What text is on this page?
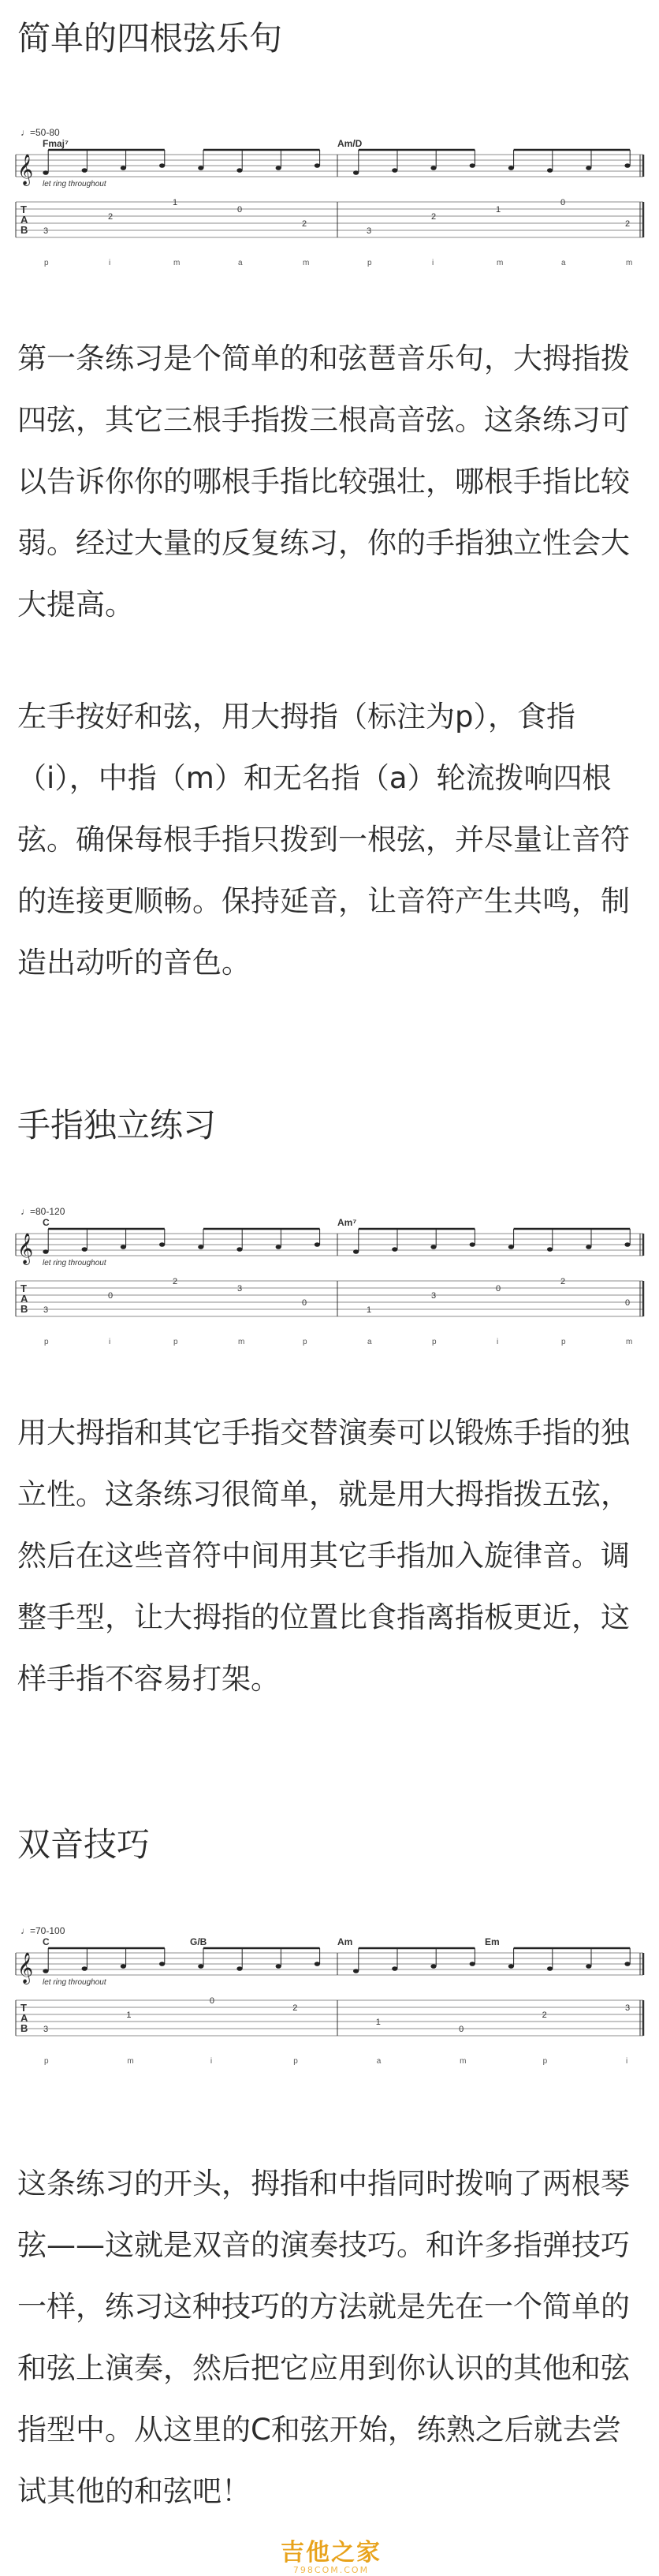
简单的四根弦乐句
♩=50-80
𝄞
T
A
B
Fmaj⁷	Am/D
let ring throughout
3
2
1
0
2
3
2
1
0
2
p	i	m	a	m	p	i	m	a	m

第一条练习是个简单的和弦琶音乐句，大拇指拨四弦，其它三根手指拨三根高音弦。这条练习可以告诉你你的哪根手指比较强壮，哪根手指比较弱。经过大量的反复练习，你的手指独立性会大大提高。

左手按好和弦，用大拇指（标注为p），食指（i），中指（m）和无名指（a）轮流拨响四根弦。确保每根手指只拨到一根弦，并尽量让音符的连接更顺畅。保持延音，让音符产生共鸣，制造出动听的音色。

手指独立练习
♩=80-120
𝄞
T
A
B
C	Am⁷
let ring throughout
3
0
2
3
0
1
3
0
2
0
p	i	p	m	p	a	p	i	p	m

用大拇指和其它手指交替演奏可以锻炼手指的独立性。这条练习很简单，就是用大拇指拨五弦，然后在这些音符中间用其它手指加入旋律音。调整手型，让大拇指的位置比食指离指板更近，这样手指不容易打架。

双音技巧
♩=70-100
𝄞
T
A
B
C	G/B	Am	Em
let ring throughout
3
1
0
2
1
0
2
3
p	m	i	p	a	m	p	i

这条练习的开头，拇指和中指同时拨响了两根琴弦——这就是双音的演奏技巧。和许多指弹技巧一样，练习这种技巧的方法就是先在一个简单的和弦上演奏，然后把它应用到你认识的其他和弦指型中。从这里的C和弦开始，练熟之后就去尝试其他的和弦吧！

吉他之家
798COM.COM
